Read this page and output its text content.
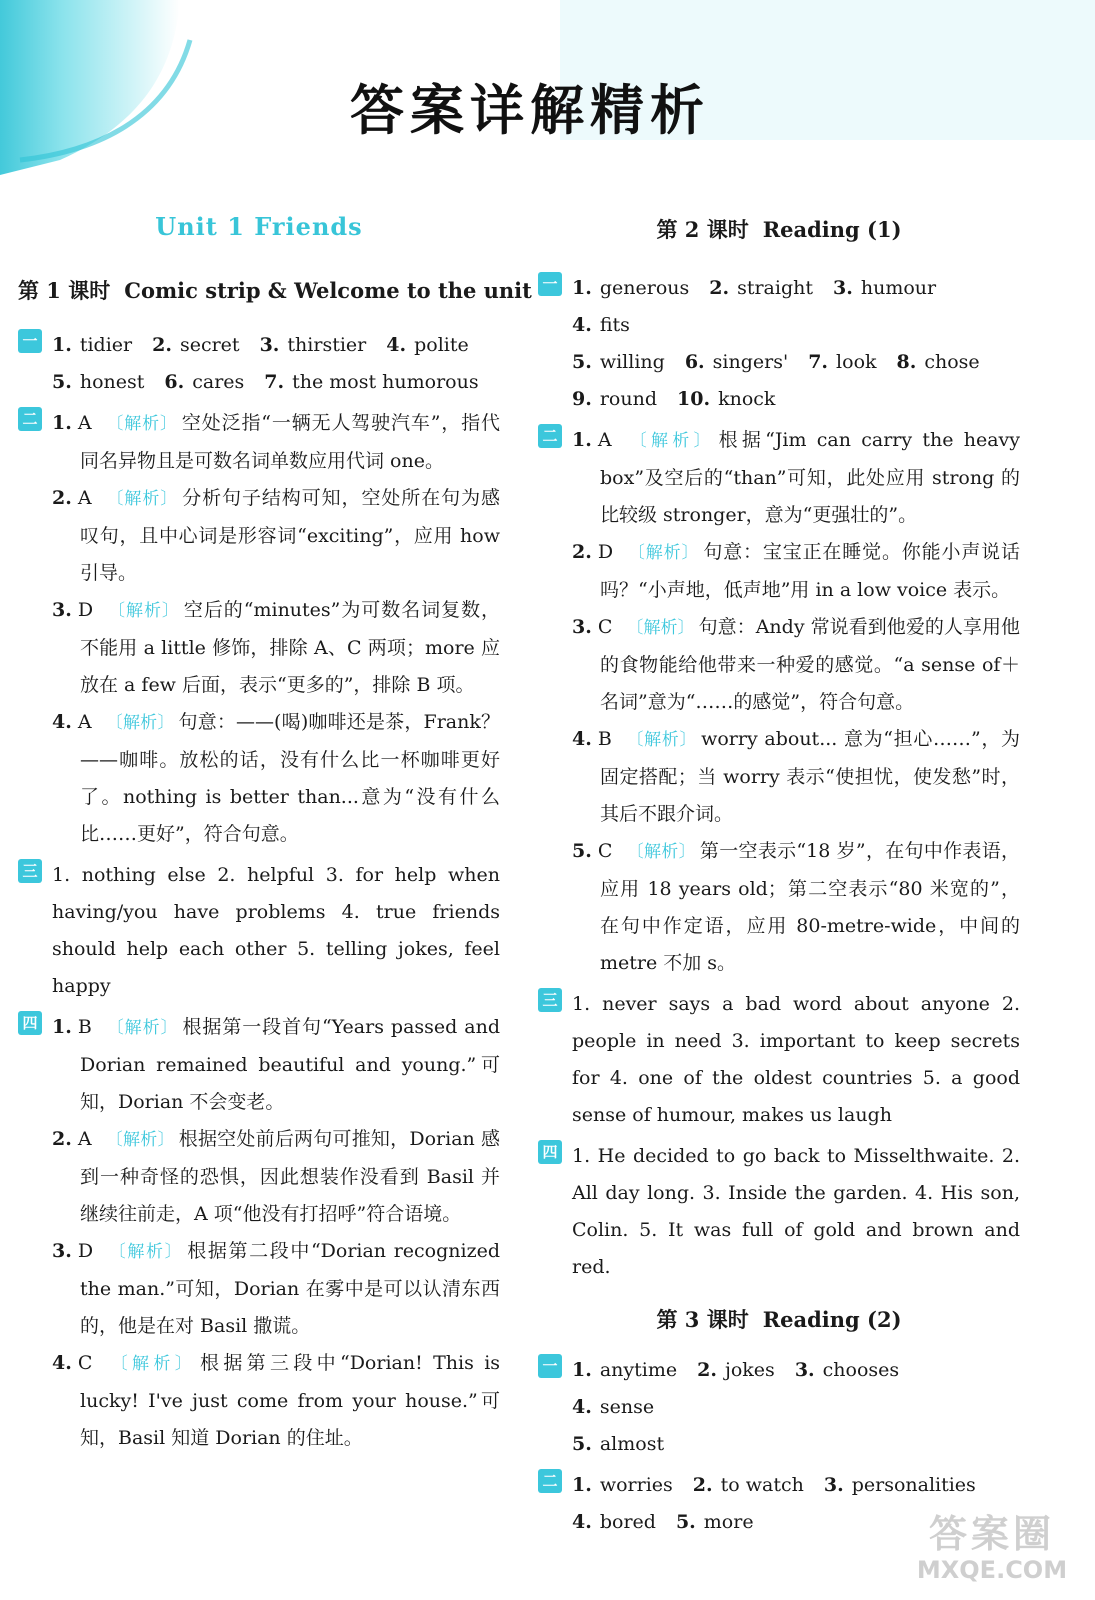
答案详解精析
Unit 1 Friends
第 1 课时 Comic strip & Welcome to the unit
一 1. tidier 2. secret 3. thirstier 4. polite
5. honest 6. cares 7. the most humorous
二 1. A 〔解析〕 空处泛指“一辆无人驾驶汽车”，指代同名异物且是可数名词单数应用代词 one。
2. A 〔解析〕 分析句子结构可知，空处所在句为感叹句，且中心词是形容词“exciting”，应用 how 引导。
3. D 〔解析〕 空后的“minutes”为可数名词复数，不能用 a little 修饰，排除 A、C 两项；more 应放在 a few 后面，表示“更多的”，排除 B 项。
4. A 〔解析〕 句意：——(喝)咖啡还是茶，Frank？——咖啡。放松的话，没有什么比一杯咖啡更好了。nothing is better than...意为“没有什么比……更好”，符合句意。
三 1. nothing else 2. helpful 3. for help when having/you have problems 4. true friends should help each other 5. telling jokes, feel happy
四 1. B 〔解析〕 根据第一段首句“Years passed and Dorian remained beautiful and young.”可知，Dorian 不会变老。
2. A 〔解析〕 根据空处前后两句可推知，Dorian 感到一种奇怪的恐惧，因此想装作没看到 Basil 并继续往前走，A 项“他没有打招呼”符合语境。
3. D 〔解析〕 根据第二段中“Dorian recognized the man.”可知，Dorian 在雾中是可以认清东西的，他是在对 Basil 撒谎。
4. C 〔解析〕 根据第三段中“Dorian! This is lucky! I've just come from your house.”可知，Basil 知道 Dorian 的住址。
第 2 课时 Reading (1)
一 1. generous 2. straight 3. humour4. fits
5. willing 6. singers' 7. look 8. chose
9. round 10. knock
二 1. A 〔解析〕 根据“Jim can carry the heavy box”及空后的“than”可知，此处应用 strong 的比较级 stronger，意为“更强壮的”。
2. D 〔解析〕 句意：宝宝正在睡觉。你能小声说话吗？“小声地，低声地”用 in a low voice 表示。
3. C 〔解析〕 句意：Andy 常说看到他爱的人享用他的食物能给他带来一种爱的感觉。“a sense of＋名词”意为“……的感觉”，符合句意。
4. B 〔解析〕 worry about... 意为“担心……”，为固定搭配；当 worry 表示“使担忧，使发愁”时，其后不跟介词。
5. C 〔解析〕 第一空表示“18 岁”，在句中作表语，应用 18 years old；第二空表示“80 米宽的”，在句中作定语，应用 80-metre-wide，中间的 metre 不加 s。
三 1. never says a bad word about anyone 2. people in need 3. important to keep secrets for 4. one of the oldest countries 5. a good sense of humour, makes us laugh
四 1. He decided to go back to Misselthwaite. 2. All day long. 3. Inside the garden. 4. His son, Colin. 5. It was full of gold and brown and red.
第 3 课时 Reading (2)
一 1. anytime 2. jokes 3. chooses4. sense
5. almost
二 1. worries 2. to watch 3. personalities
4. bored 5. more	答案圈
MXQE.COM
